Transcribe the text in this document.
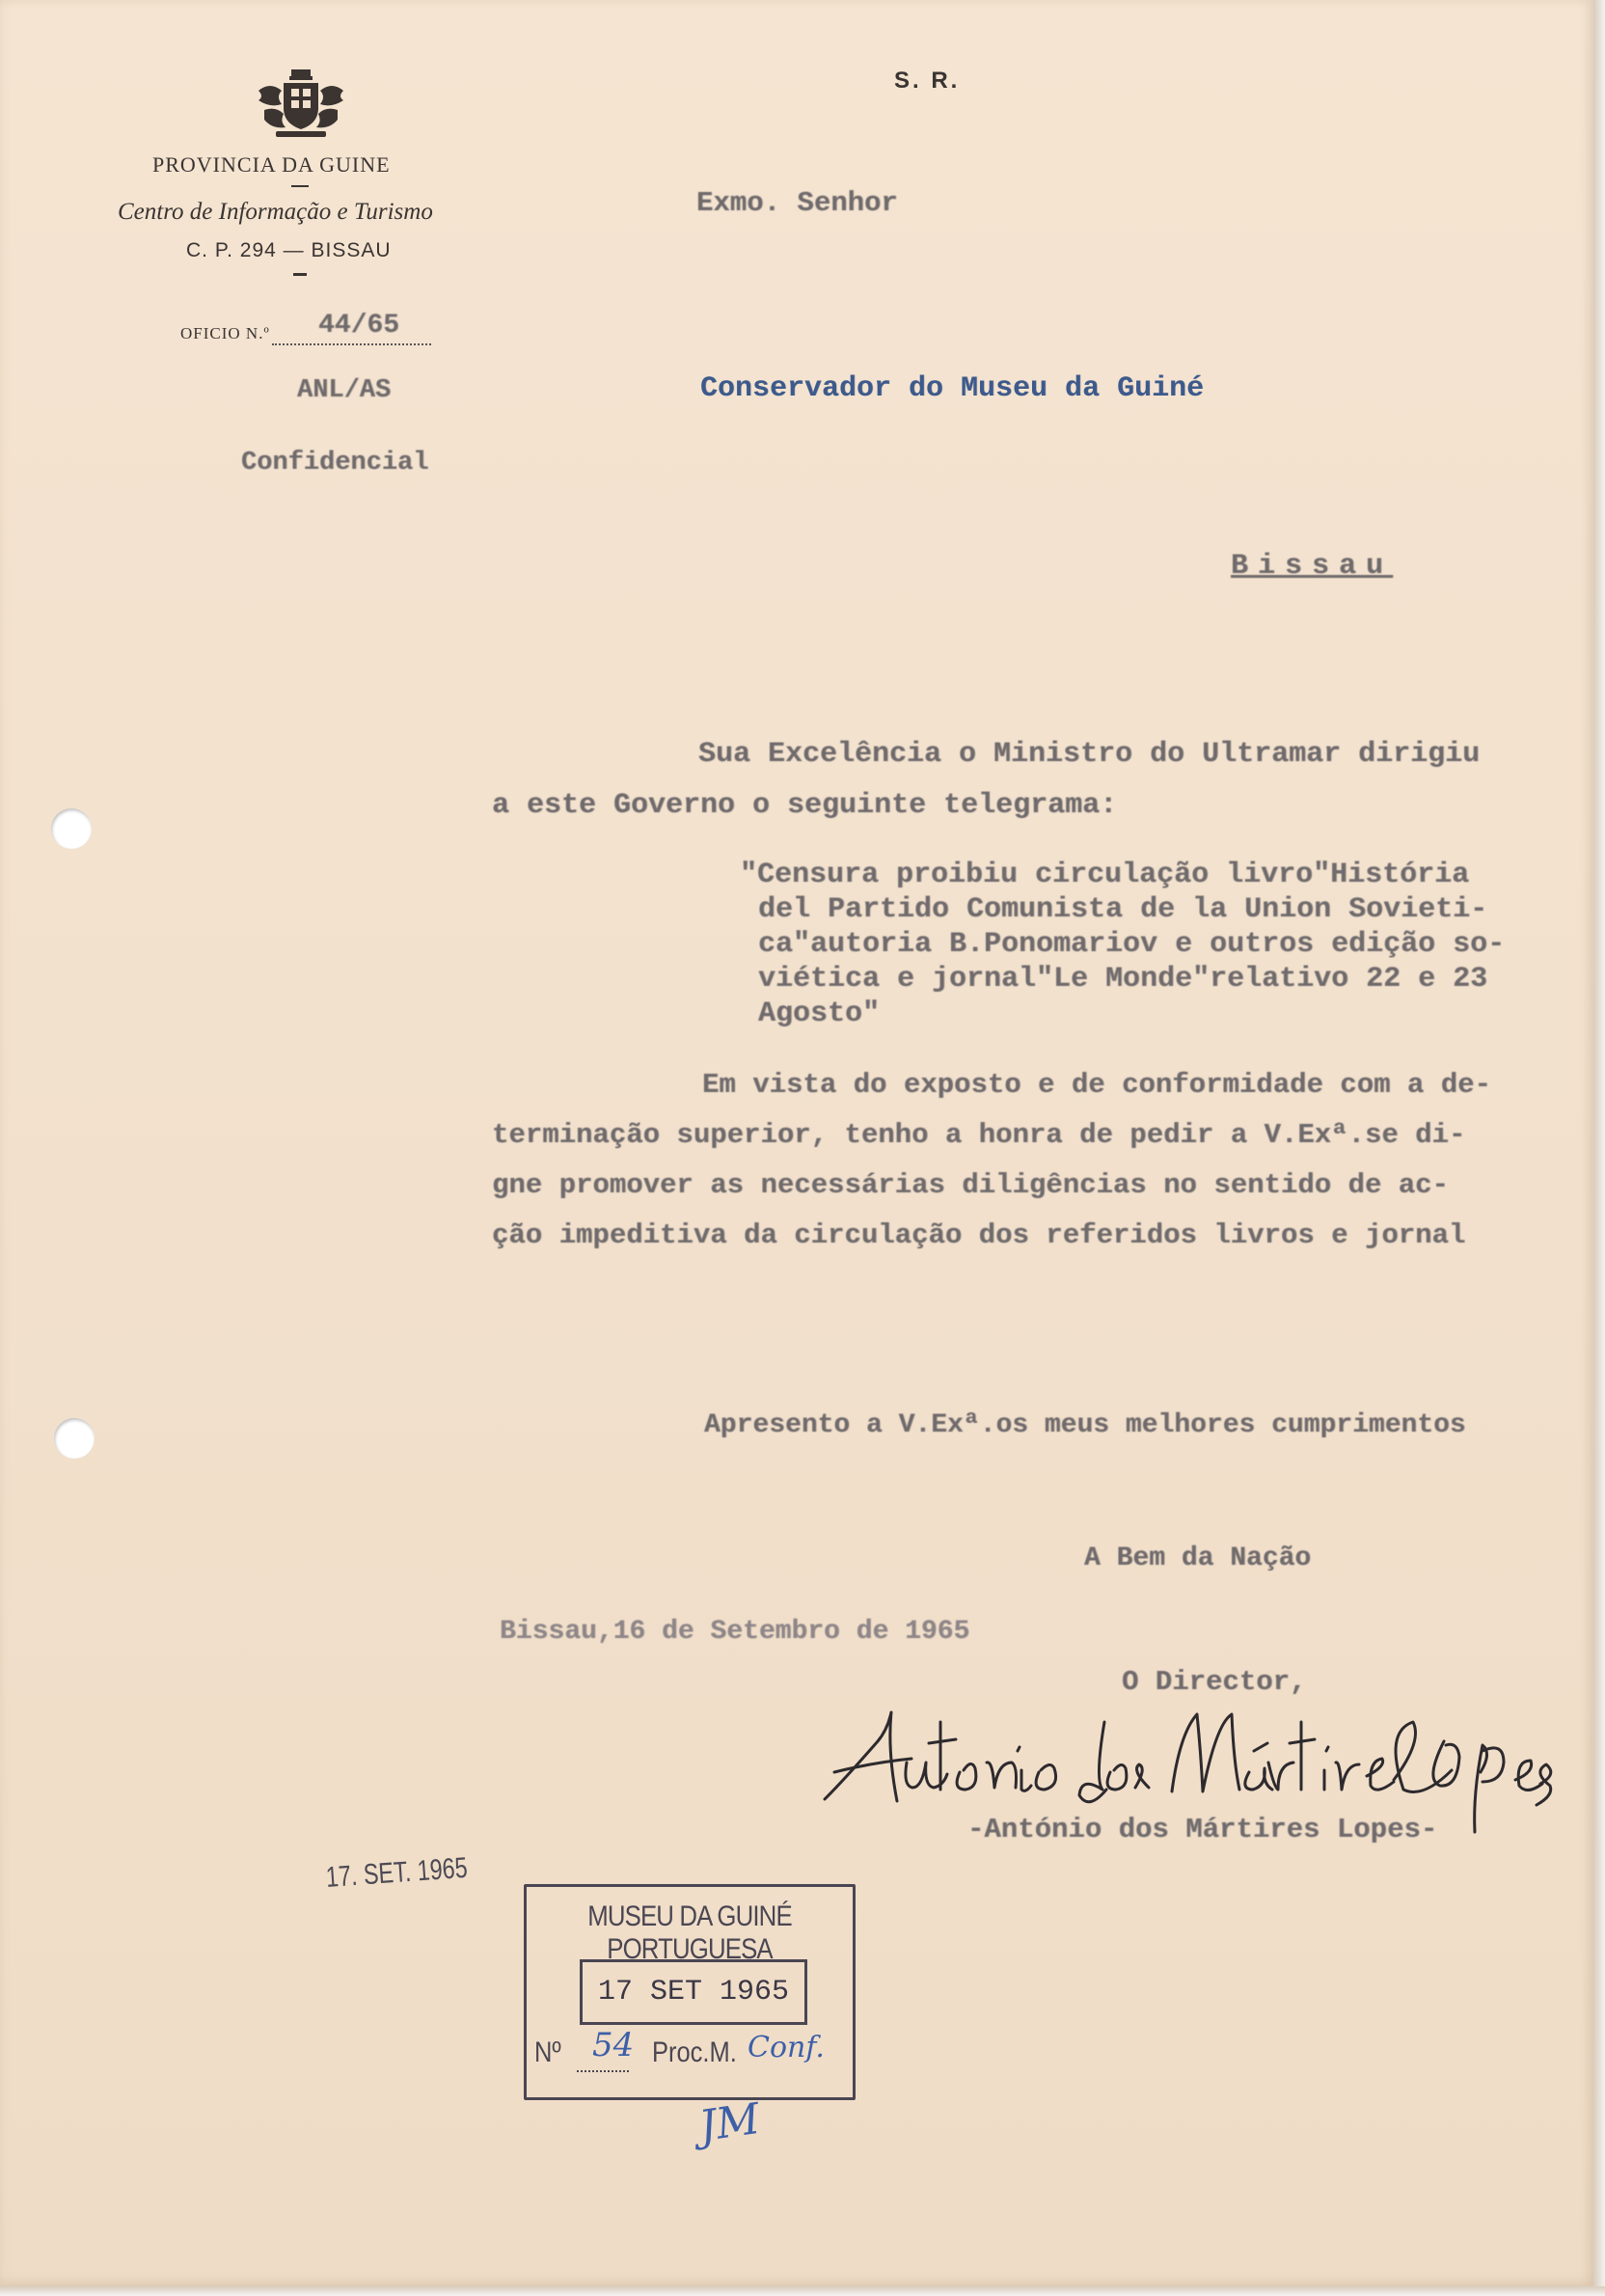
PROVINCIA DA GUINE
Centro de Informação e Turismo
C. P. 294 — BISSAU
OFICIO N.º 44/65
ANL/AS
Confidencial
S. R.
Exmo. Senhor
Conservador do Museu da Guiné
Bissau
Sua Excelência o Ministro do Ultramar dirigiu
a este Governo o seguinte telegrama:
"Censura proibiu circulação livro"História
del Partido Comunista de la Union Sovieti-
ca"autoria B.Ponomariov e outros edição so-
viética e jornal"Le Monde"relativo 22 e 23
Agosto"
Em vista do exposto e de conformidade com a de-
terminação superior, tenho a honra de pedir a V.Exª.se di-
gne promover as necessárias diligências no sentido de ac-
ção impeditiva da circulação dos referidos livros e jornal
Apresento a V.Exª.os meus melhores cumprimentos
A Bem da Nação
Bissau,16 de Setembro de 1965
O Director,
-António dos Mártires Lopes-
17. SET. 1965
MUSEU DA GUINÉ PORTUGUESA
17 SET 1965
Nº	Proc.M.
54	Conf.
JM
